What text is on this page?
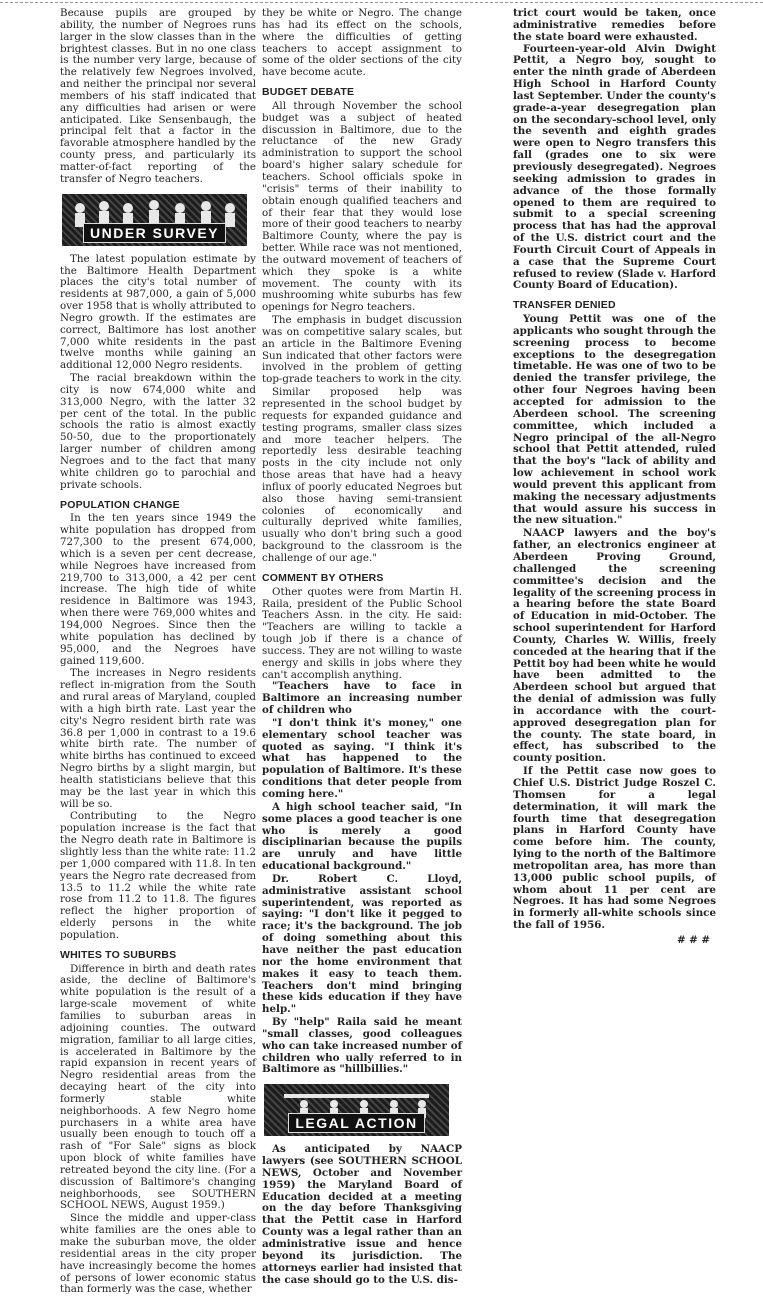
Because pupils are grouped by ability, the number of Negroes runs larger in the slow classes than in the brightest classes. But in no one class is the number very large, because of the relatively few Negroes involved, and neither the principal nor several members of his staff indicated that any difficulties had arisen or were anticipated. Like Sensenbaugh, the principal felt that a factor in the favorable atmosphere handled by the county press, and particularly its matter-of-fact reporting of the transfer of Negro teachers.

UNDER SURVEY

The latest population estimate by the Baltimore Health Department places the city's total number of residents at 987,000, a gain of 5,000 over 1958 that is wholly attributed to Negro growth. If the estimates are correct, Baltimore has lost another 7,000 white residents in the past twelve months while gaining an additional 12,000 Negro residents.

The racial breakdown within the city is now 674,000 white and 313,000 Negro, with the latter 32 per cent of the total. In the public schools the ratio is almost exactly 50-50, due to the proportionately larger number of children among Negroes and to the fact that many white children go to parochial and private schools.

POPULATION CHANGE

In the ten years since 1949 the white population has dropped from 727,300 to the present 674,000, which is a seven per cent decrease, while Negroes have increased from 219,700 to 313,000, a 42 per cent increase. The high tide of white residence in Baltimore was 1943, when there were 769,000 whites and 194,000 Negroes. Since then the white population has declined by 95,000, and the Negroes have gained 119,600.

The increases in Negro residents reflect in-migration from the South and rural areas of Maryland, coupled with a high birth rate. Last year the city's Negro resident birth rate was 36.8 per 1,000 in contrast to a 19.6 white birth rate. The number of white births has continued to exceed Negro births by a slight margin, but health statisticians believe that this may be the last year in which this will be so.

Contributing to the Negro population increase is the fact that the Negro death rate in Baltimore is slightly less than the white rate: 11.2 per 1,000 compared with 11.8. In ten years the Negro rate decreased from 13.5 to 11.2 while the white rate rose from 11.2 to 11.8. The figures reflect the higher proportion of elderly persons in the white population.

WHITES TO SUBURBS

Difference in birth and death rates aside, the decline of Baltimore's white population is the result of a large-scale movement of white families to suburban areas in adjoining counties. The outward migration, familiar to all large cities, is accelerated in Baltimore by the rapid expansion in recent years of Negro residential areas from the decaying heart of the city into formerly stable white neighborhoods. A few Negro home purchasers in a white area have usually been enough to touch off a rash of "For Sale" signs as block upon block of white families have retreated beyond the city line. (For a discussion of Baltimore's changing neighborhoods, see SOUTHERN SCHOOL NEWS, August 1959.)

Since the middle and upper-class white families are the ones able to make the suburban move, the older residential areas in the city proper have increasingly become the homes of persons of lower economic status than formerly was the case, whether

they be white or Negro. The change has had its effect on the schools, where the difficulties of getting teachers to accept assignment to some of the older sections of the city have become acute.

BUDGET DEBATE

All through November the school budget was a subject of heated discussion in Baltimore, due to the reluctance of the new Grady administration to support the school board's higher salary schedule for teachers. School officials spoke in "crisis" terms of their inability to obtain enough qualified teachers and of their fear that they would lose more of their good teachers to nearby Baltimore County, where the pay is better. While race was not mentioned, the outward movement of teachers of which they spoke is a white movement. The county with its mushrooming white suburbs has few openings for Negro teachers.

The emphasis in budget discussion was on competitive salary scales, but an article in the Baltimore Evening Sun indicated that other factors were involved in the problem of getting top-grade teachers to work in the city.

Similar proposed help was represented in the school budget by requests for expanded guidance and testing programs, smaller class sizes and more teacher helpers. The reportedly less desirable teaching posts in the city include not only those areas that have had a heavy influx of poorly educated Negroes but also those having semi-transient colonies of economically and culturally deprived white families, usually who don't bring such a good background to the classroom is the challenge of our age."

COMMENT BY OTHERS

Other quotes were from Martin H. Raila, president of the Public School Teachers Assn. in the city. He said: "Teachers are willing to tackle a tough job if there is a chance of success. They are not willing to waste energy and skills in jobs where they can't accomplish anything.

"Teachers have to face in Baltimore an increasing number of children who

"I don't think it's money," one elementary school teacher was quoted as saying. "I think it's what has happened to the population of Baltimore. It's these conditions that deter people from coming here."

A high school teacher said, "In some places a good teacher is one who is merely a good disciplinarian because the pupils are unruly and have little educational background."

Dr. Robert C. Lloyd, administrative assistant school superintendent, was reported as saying: "I don't like it pegged to race; it's the background. The job of doing something about this have neither the past education nor the home environment that makes it easy to teach them. Teachers don't mind bringing these kids education if they have help."

By "help" Raila said he meant "small classes, good colleagues who can take increased number of children who ually referred to in Baltimore as "hillbillies."

LEGAL ACTION

As anticipated by NAACP lawyers (see SOUTHERN SCHOOL NEWS, October and November 1959) the Maryland Board of Education decided at a meeting on the day before Thanksgiving that the Pettit case in Harford County was a legal rather than an administrative issue and hence beyond its jurisdiction. The attorneys earlier had insisted that the case should go to the U.S. dis-

trict court would be taken, once administrative remedies before the state board were exhausted.

Fourteen-year-old Alvin Dwight Pettit, a Negro boy, sought to enter the ninth grade of Aberdeen High School in Harford County last September. Under the county's grade-a-year desegregation plan on the secondary-school level, only the seventh and eighth grades were open to Negro transfers this fall (grades one to six were previously desegregated). Negroes seeking admission to grades in advance of the those formally opened to them are required to submit to a special screening process that has had the approval of the U.S. district court and the Fourth Circuit Court of Appeals in a case that the Supreme Court refused to review (Slade v. Harford County Board of Education).

TRANSFER DENIED

Young Pettit was one of the applicants who sought through the screening process to become exceptions to the desegregation timetable. He was one of two to be denied the transfer privilege, the other four Negroes having been accepted for admission to the Aberdeen school. The screening committee, which included a Negro principal of the all-Negro school that Pettit attended, ruled that the boy's "lack of ability and low achievement in school work would prevent this applicant from making the necessary adjustments that would assure his success in the new situation."

NAACP lawyers and the boy's father, an electronics engineer at Aberdeen Proving Ground, challenged the screening committee's decision and the legality of the screening process in a hearing before the state Board of Education in mid-October. The school superintendent for Harford County, Charles W. Willis, freely conceded at the hearing that if the Pettit boy had been white he would have been admitted to the Aberdeen school but argued that the denial of admission was fully in accordance with the court-approved desegregation plan for the county. The state board, in effect, has subscribed to the county position.

If the Pettit case now goes to Chief U.S. District Judge Roszel C. Thomsen for a legal determination, it will mark the fourth time that desegregation plans in Harford County have come before him. The county, lying to the north of the Baltimore metropolitan area, has more than 13,000 public school pupils, of whom about 11 per cent are Negroes. It has had some Negroes in formerly all-white schools since the fall of 1956.

# # #
